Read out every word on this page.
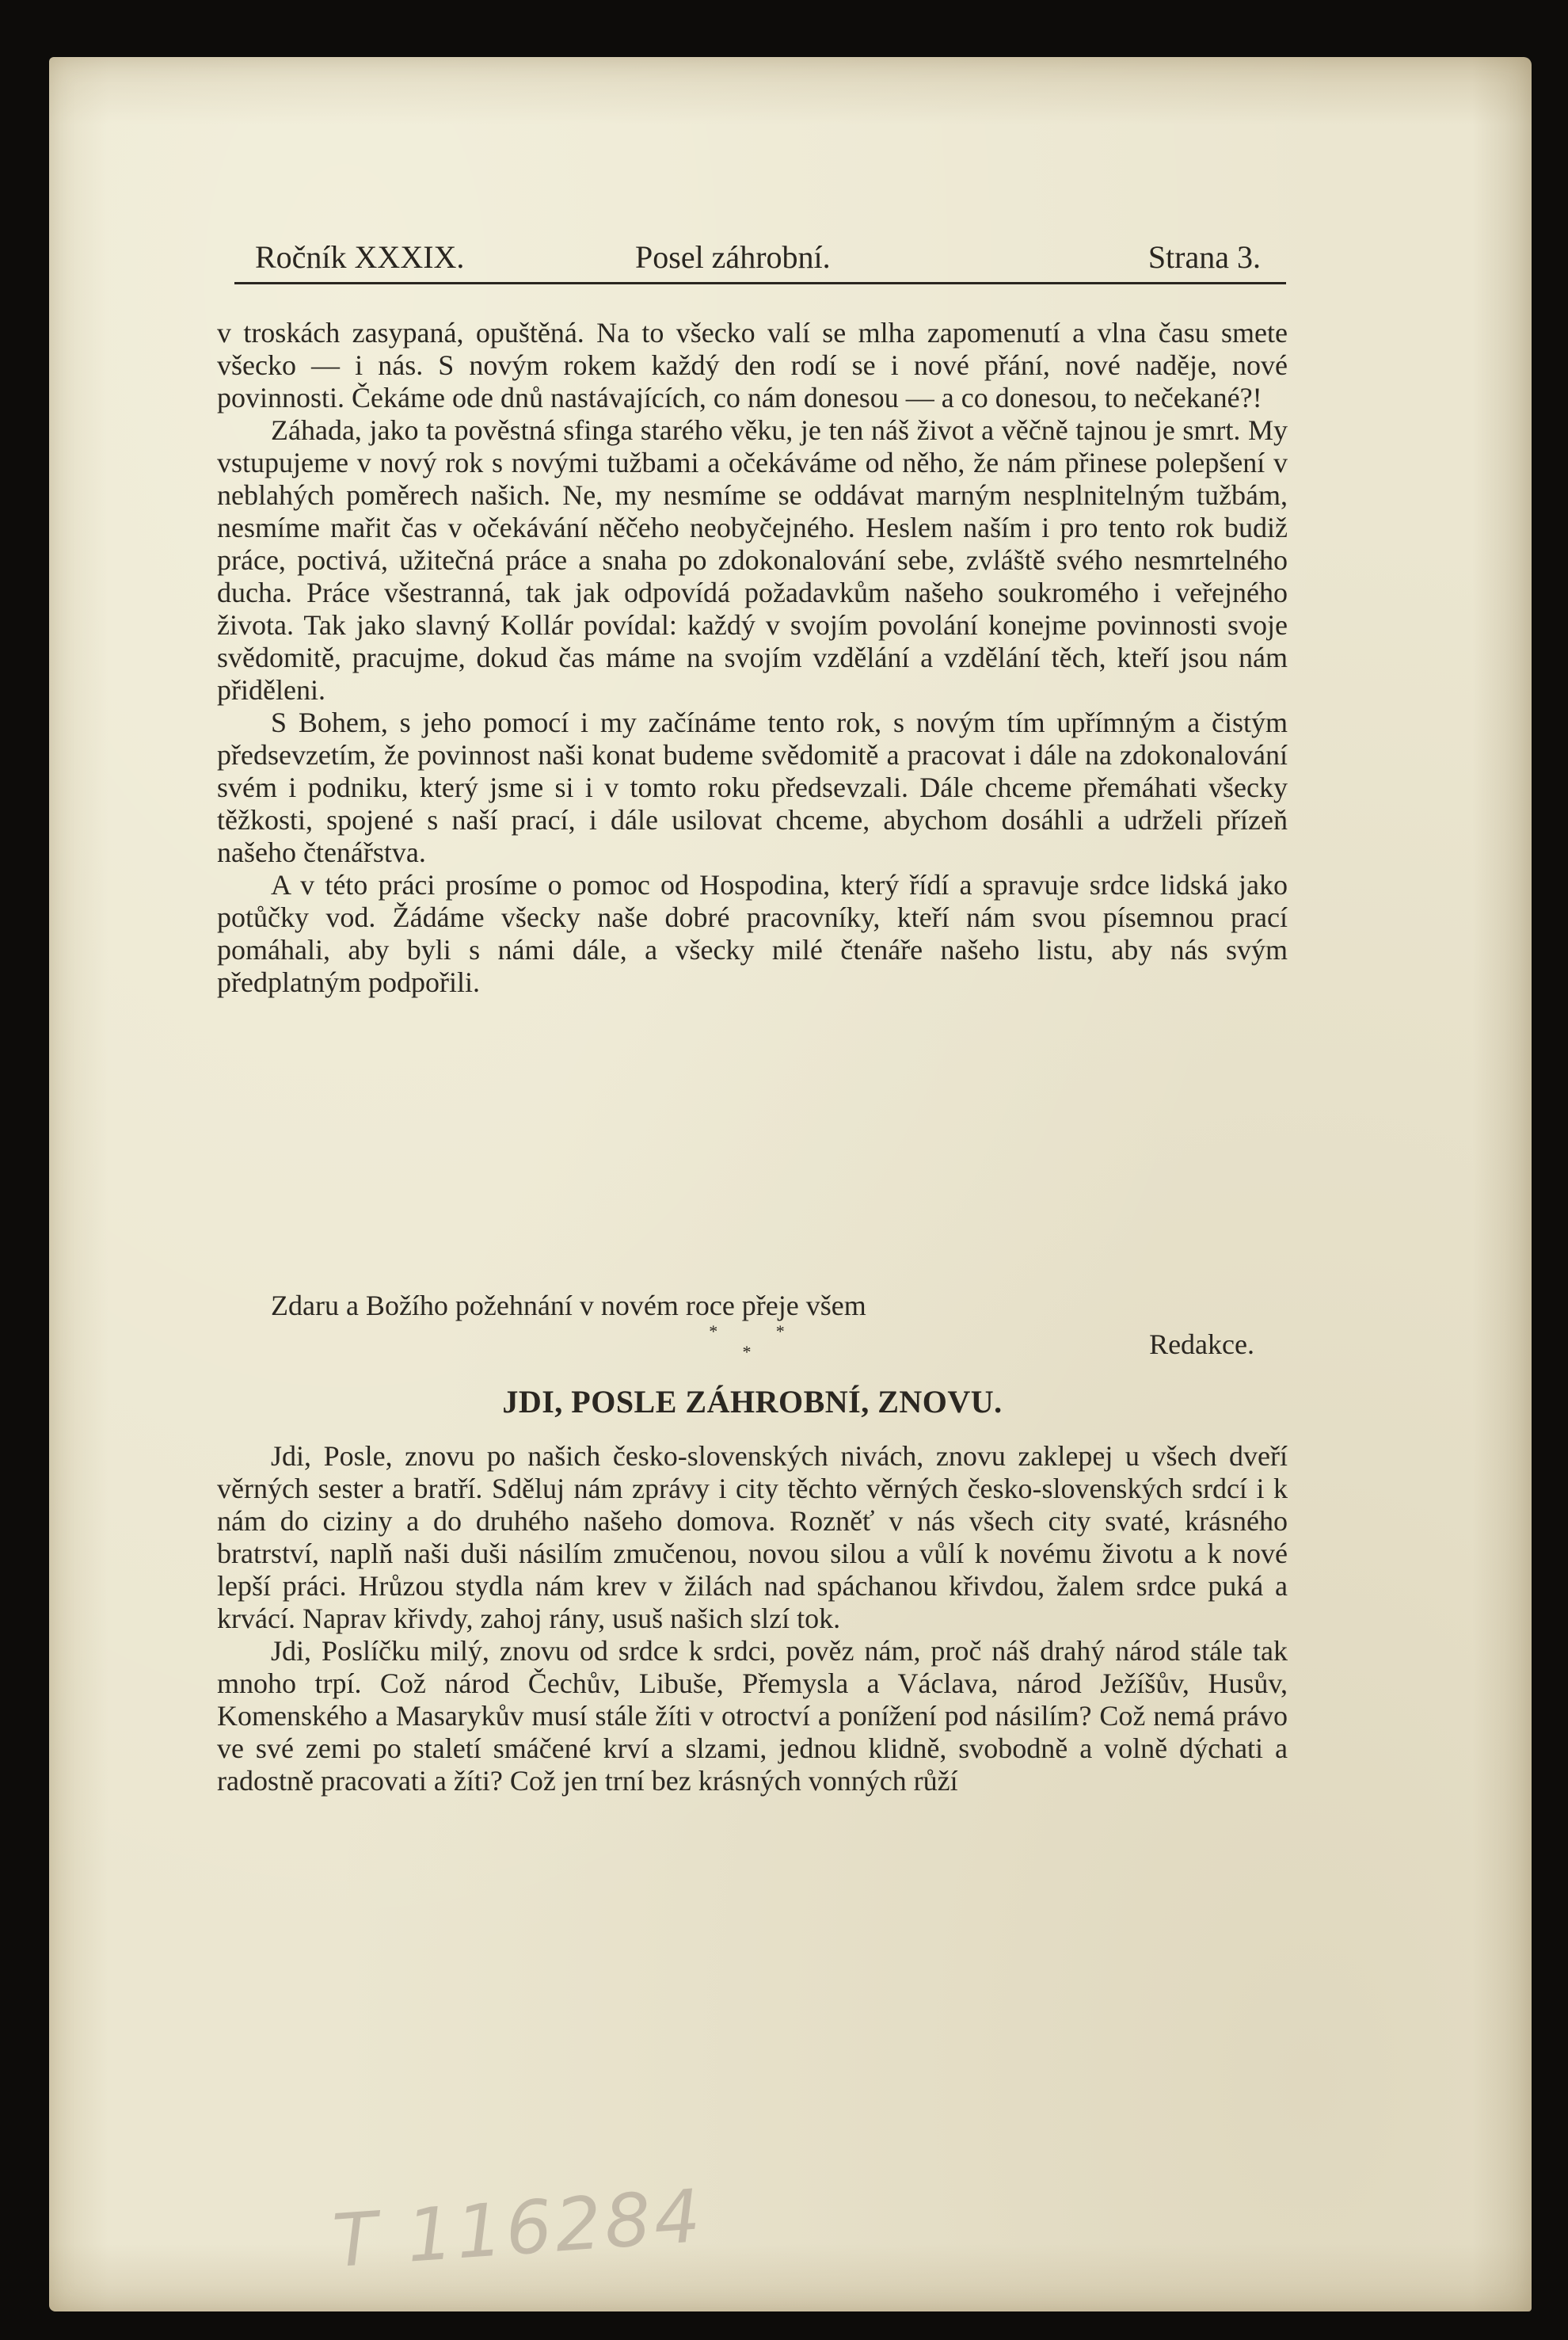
Ročník XXXIX.	Posel záhrobní.	Strana 3.

v troskách zasypaná, opuštěná. Na to všecko valí se mlha zapomenutí a vlna času smete všecko — i nás. S novým rokem každý den rodí se i nové přání, nové naděje, nové povinnosti. Čekáme ode dnů nastávajících, co nám donesou — a co donesou, to nečekané?!

Záhada, jako ta pověstná sfinga starého věku, je ten náš život a věčně tajnou je smrt. My vstupujeme v nový rok s novými tužbami a očekáváme od něho, že nám přinese polepšení v neblahých poměrech našich. Ne, my nesmíme se oddávat marným nesplnitelným tužbám, nesmíme mařit čas v očekávání něčeho neobyčejného. Heslem naším i pro tento rok budiž práce, poctivá, užitečná práce a snaha po zdokonalování sebe, zvláště svého nesmrtelného ducha. Práce všestranná, tak jak odpovídá požadavkům našeho soukromého i veřejného života. Tak jako slavný Kollár povídal: každý v svojím povolání konejme povinnosti svoje svědomitě, pracujme, dokud čas máme na svojím vzdělání a vzdělání těch, kteří jsou nám přiděleni.

S Bohem, s jeho pomocí i my začínáme tento rok, s novým tím upřímným a čistým předsevzetím, že povinnost naši konat budeme svědomitě a pracovat i dále na zdokonalování svém i podniku, který jsme si i v tomto roku předsevzali. Dále chceme přemáhati všecky těžkosti, spojené s naší prací, i dále usilovat chceme, abychom dosáhli a udrželi přízeň našeho čtenářstva.

A v této práci prosíme o pomoc od Hospodina, který řídí a spravuje srdce lidská jako potůčky vod. Žádáme všecky naše dobré pracovníky, kteří nám svou písemnou prací pomáhali, aby byli s námi dále, a všecky milé čtenáře našeho listu, aby nás svým předplatným podpořili.

Zdaru a Božího požehnání v novém roce přeje všem
Redakce.
* * *
JDI, POSLE ZÁHROBNÍ, ZNOVU.

Jdi, Posle, znovu po našich česko-slovenských nivách, znovu zaklepej u všech dveří věrných sester a bratří. Sděluj nám zprávy i city těchto věrných česko-slovenských srdcí i k nám do ciziny a do druhého našeho domova. Rozněť v nás všech city svaté, krásného bratrství, naplň naši duši násilím zmučenou, novou silou a vůlí k novému životu a k nové lepší práci. Hrůzou stydla nám krev v žilách nad spáchanou křivdou, žalem srdce puká a krvácí. Naprav křivdy, zahoj rány, usuš našich slzí tok.

Jdi, Poslíčku milý, znovu od srdce k srdci, pověz nám, proč náš drahý národ stále tak mnoho trpí. Což národ Čechův, Libuše, Přemysla a Václava, národ Ježíšův, Husův, Komenského a Masarykův musí stále žíti v otroctví a ponížení pod násilím? Což nemá právo ve své zemi po staletí smáčené krví a slzami, jednou klidně, svobodně a volně dýchati a radostně pracovati a žíti? Což jen trní bez krásných vonných růží

T 116284
